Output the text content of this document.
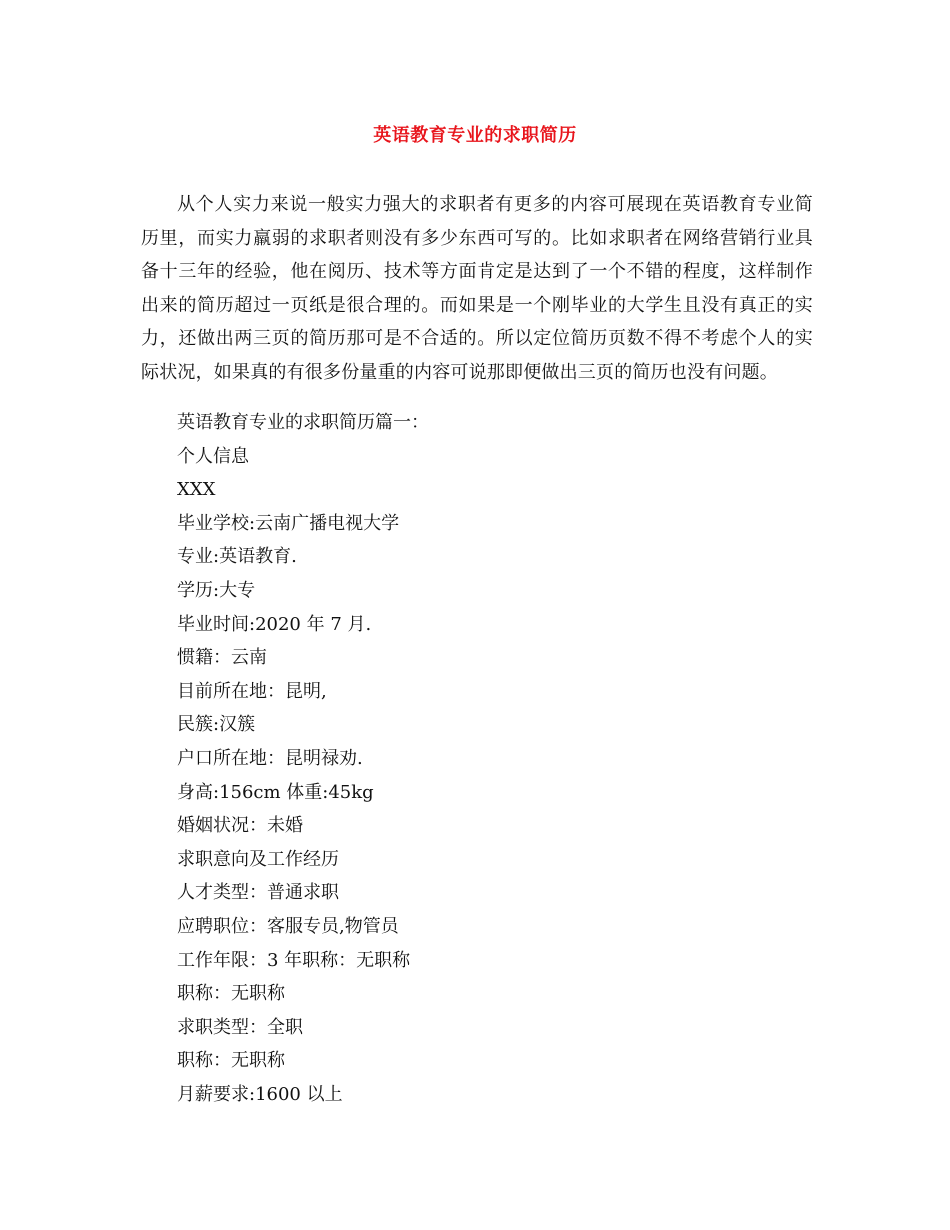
英语教育专业的求职简历
从个人实力来说一般实力强大的求职者有更多的内容可展现在英语教育专业简历里，而实力羸弱的求职者则没有多少东西可写的。比如求职者在网络营销行业具备十三年的经验，他在阅历、技术等方面肯定是达到了一个不错的程度，这样制作出来的简历超过一页纸是很合理的。而如果是一个刚毕业的大学生且没有真正的实力，还做出两三页的简历那可是不合适的。所以定位简历页数不得不考虑个人的实际状况，如果真的有很多份量重的内容可说那即便做出三页的简历也没有问题。
英语教育专业的求职简历篇一：
个人信息
XXX
毕业学校:云南广播电视大学
专业:英语教育.
学历:大专
毕业时间:2020 年 7 月.
惯籍：云南
目前所在地：昆明,
民簇:汉簇
户口所在地：昆明禄劝.
身高:156cm 体重:45kg
婚姻状况：未婚
求职意向及工作经历
人才类型：普通求职
应聘职位：客服专员,物管员
工作年限：3 年职称：无职称
职称：无职称
求职类型：全职
职称：无职称
月薪要求:1600 以上
